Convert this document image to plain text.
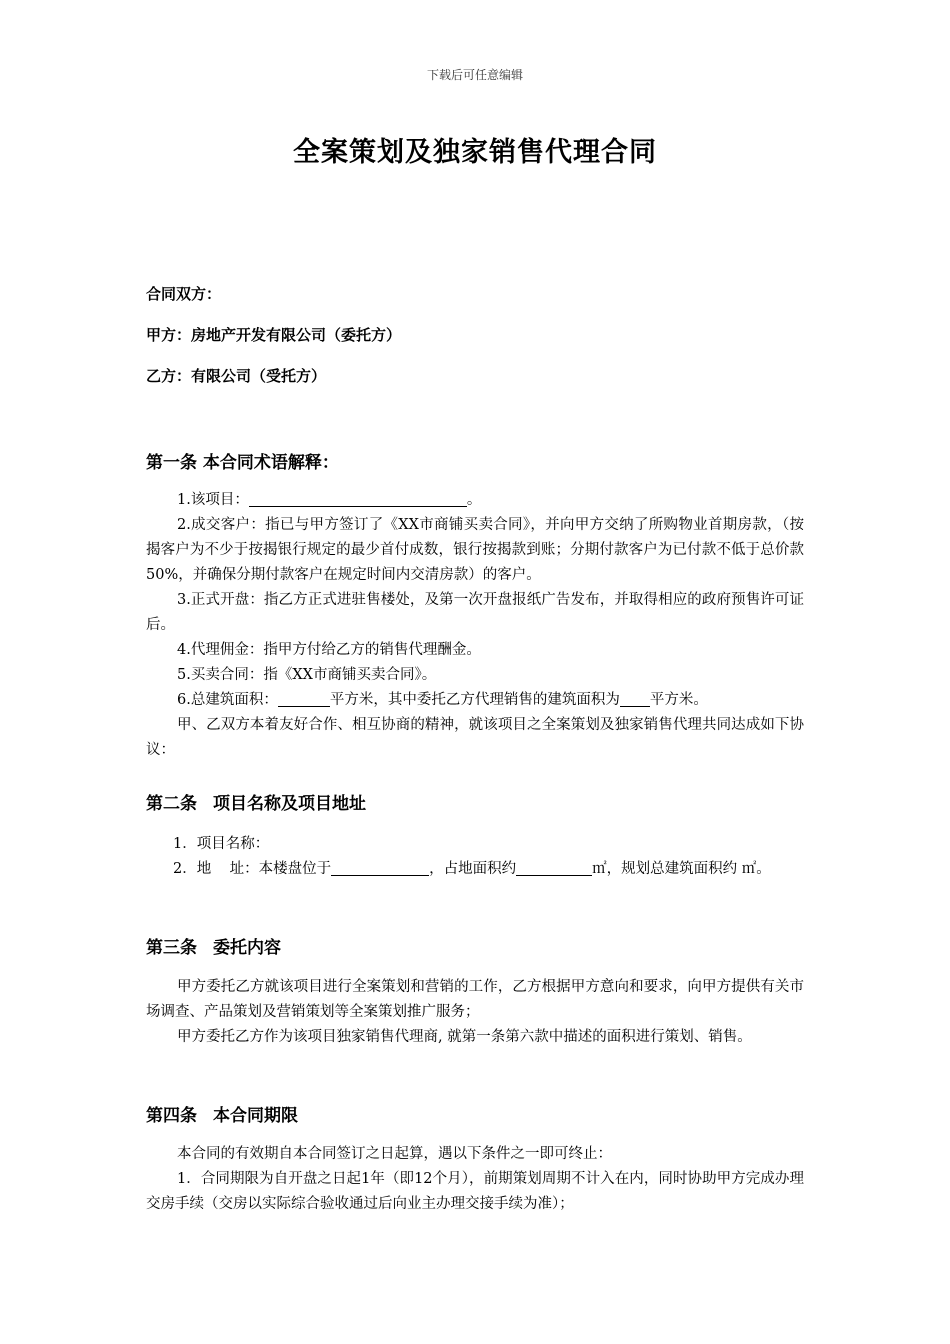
下载后可任意编辑
全案策划及独家销售代理合同

合同双方：

甲方：房地产开发有限公司（委托方）

乙方：有限公司（受托方）

第一条 本合同术语解释：

1.该项目：	。

2.成交客户：指已与甲方签订了《XX市商铺买卖合同》，并向甲方交纳了所购物业首期房款，（按揭客户为不少于按揭银行规定的最少首付成数，银行按揭款到账；分期付款客户为已付款不低于总价款50%，并确保分期付款客户在规定时间内交清房款）的客户。

3.正式开盘：指乙方正式进驻售楼处，及第一次开盘报纸广告发布，并取得相应的政府预售许可证后。

4.代理佣金：指甲方付给乙方的销售代理酬金。

5.买卖合同：指《XX市商铺买卖合同》。

6.总建筑面积：	平方米，其中委托乙方代理销售的建筑面积为 平方米。

甲、乙双方本着友好合作、相互协商的精神，就该项目之全案策划及独家销售代理共同达成如下协议：

第二条 项目名称及项目地址

1．项目名称：

2．地    址：本楼盘位于	，占地面积约	㎡，规划总建筑面积约 ㎡。

第三条 委托内容

甲方委托乙方就该项目进行全案策划和营销的工作，乙方根据甲方意向和要求，向甲方提供有关市场调查、产品策划及营销策划等全案策划推广服务；

甲方委托乙方作为该项目独家销售代理商, 就第一条第六款中描述的面积进行策划、销售。

第四条 本合同期限

本合同的有效期自本合同签订之日起算，遇以下条件之一即可终止：

1．合同期限为自开盘之日起1年（即12个月），前期策划周期不计入在内，同时协助甲方完成办理交房手续（交房以实际综合验收通过后向业主办理交接手续为准）；
